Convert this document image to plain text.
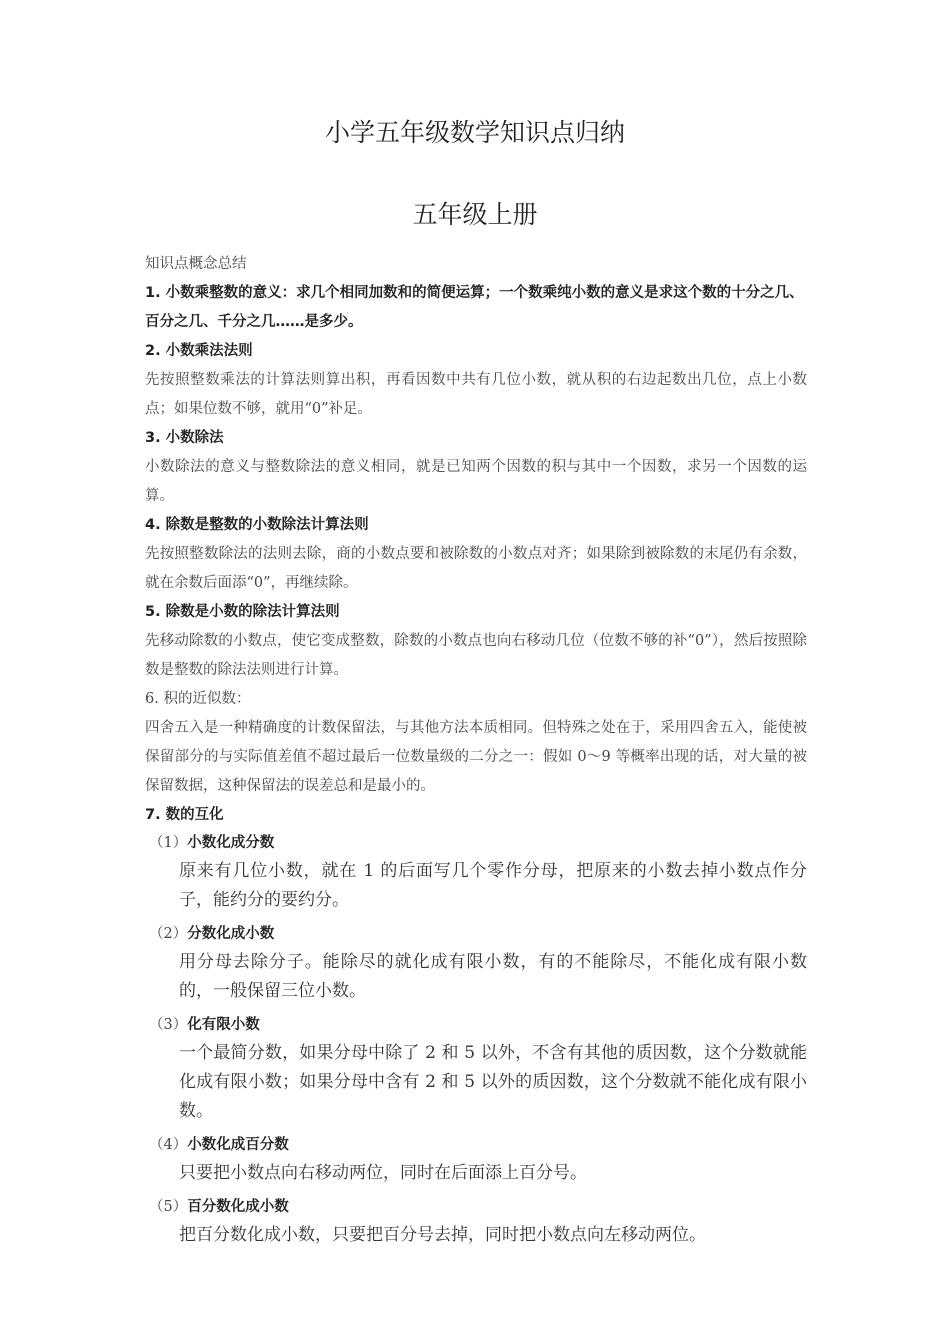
小学五年级数学知识点归纳
五年级上册
知识点概念总结
1. 小数乘整数的意义：求几个相同加数和的简便运算；一个数乘纯小数的意义是求这个数的十分之几、百分之几、千分之几……是多少。
2. 小数乘法法则
先按照整数乘法的计算法则算出积，再看因数中共有几位小数，就从积的右边起数出几位，点上小数点；如果位数不够，就用“0”补足。
3. 小数除法
小数除法的意义与整数除法的意义相同，就是已知两个因数的积与其中一个因数，求另一个因数的运算。
4. 除数是整数的小数除法计算法则
先按照整数除法的法则去除，商的小数点要和被除数的小数点对齐；如果除到被除数的末尾仍有余数，就在余数后面添“0”，再继续除。
5. 除数是小数的除法计算法则
先移动除数的小数点，使它变成整数，除数的小数点也向右移动几位（位数不够的补“0”），然后按照除数是整数的除法法则进行计算。
6. 积的近似数：
四舍五入是一种精确度的计数保留法，与其他方法本质相同。但特殊之处在于，采用四舍五入，能使被保留部分的与实际值差值不超过最后一位数量级的二分之一：假如 0～9 等概率出现的话，对大量的被保留数据，这种保留法的误差总和是最小的。
7. 数的互化
（1）小数化成分数
原来有几位小数，就在 1 的后面写几个零作分母，把原来的小数去掉小数点作分子，能约分的要约分。
（2）分数化成小数
用分母去除分子。能除尽的就化成有限小数，有的不能除尽，不能化成有限小数的，一般保留三位小数。
（3）化有限小数
一个最简分数，如果分母中除了 2 和 5 以外，不含有其他的质因数，这个分数就能化成有限小数；如果分母中含有 2 和 5 以外的质因数，这个分数就不能化成有限小数。
（4）小数化成百分数
只要把小数点向右移动两位，同时在后面添上百分号。
（5）百分数化成小数
把百分数化成小数，只要把百分号去掉，同时把小数点向左移动两位。
